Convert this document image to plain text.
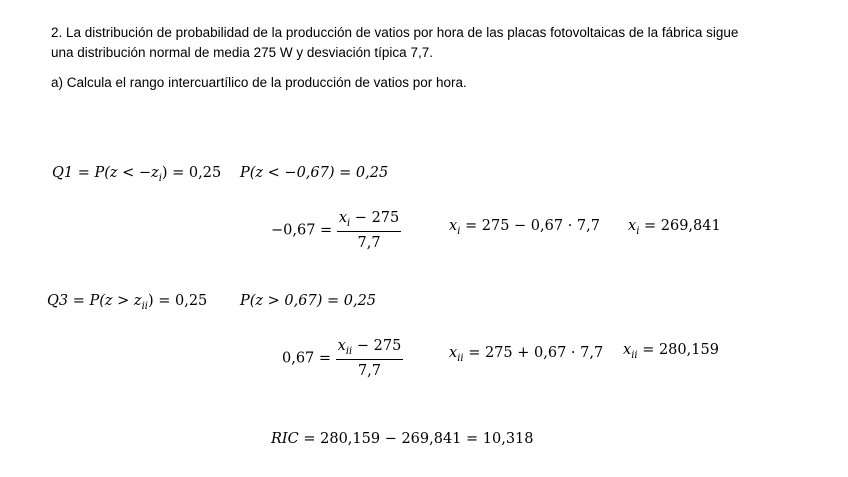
2. La distribución de probabilidad de la producción de vatios por hora de las placas fotovoltaicas de la fábrica sigue
una distribución normal de media 275 W y desviación típica 7,7.
a) Calcula el rango intercuartílico de la producción de vatios por hora.
$Q1 = P(z < -z_i) = 0,25$ P(z < −0,67) = 0,25
$-0,67 = \frac{x_i - 275}{7,7}$	$x_i = 275 - 0,67 \cdot 7,7$ $x_i = 269,841$
$Q3 = P(z > z_{ii}) = 0,25$ P(z > 0,67) = 0,25
$0,67 = \frac{x_{ii} - 275}{7,7}$	$x_{ii} = 275 + 0,67 \cdot 7,7$ $x_{ii} = 280,159$
RIC = 280,159 − 269,841 = 10,318
